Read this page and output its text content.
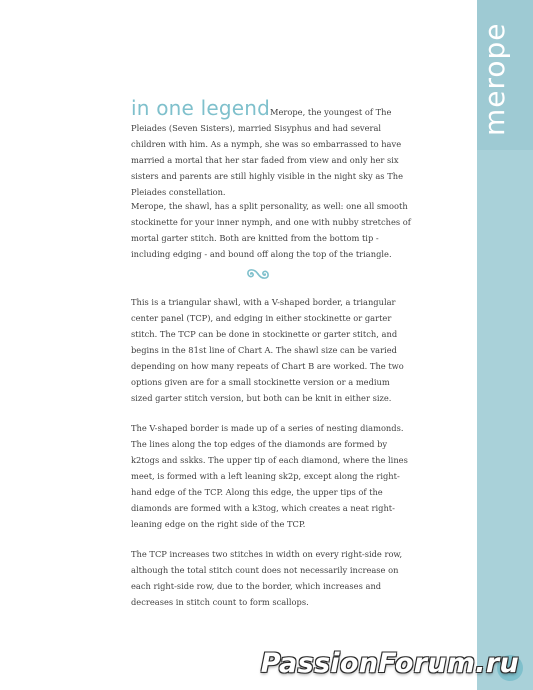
merope

in one legendMerope, the youngest of The Pleiades (Seven Sisters), married Sisyphus and had several children with him. As a nymph, she was so embarrassed to have married a mortal that her star faded from view and only her six sisters and parents are still highly visible in the night sky as The Pleiades constellation.

Merope, the shawl, has a split personality, as well: one all smooth stockinette for your inner nymph, and one with nubby stretches of mortal garter stitch. Both are knitted from the bottom tip - including edging - and bound off along the top of the triangle.

This is a triangular shawl, with a V-shaped border, a triangular center panel (TCP), and edging in either stockinette or garter stitch. The TCP can be done in stockinette or garter stitch, and begins in the 81st line of Chart A. The shawl size can be varied depending on how many repeats of Chart B are worked. The two options given are for a small stockinette version or a medium sized garter stitch version, but both can be knit in either size.

The V-shaped border is made up of a series of nesting diamonds. The lines along the top edges of the diamonds are formed by k2togs and sskks. The upper tip of each diamond, where the lines meet, is formed with a left leaning sk2p, except along the right-hand edge of the TCP. Along this edge, the upper tips of the diamonds are formed with a k3tog, which creates a neat right-leaning edge on the right side of the TCP.

The TCP increases two stitches in width on every right-side row, although the total stitch count does not necessarily increase on each right-side row, due to the border, which increases and decreases in stitch count to form scallops.

PassionForum.ru
